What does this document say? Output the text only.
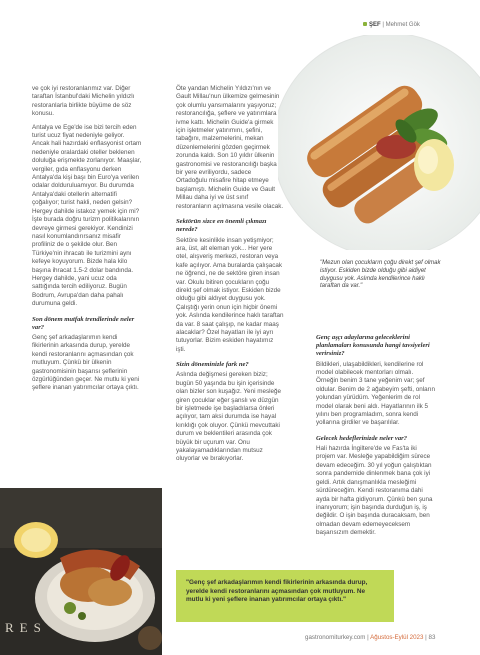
ŞEF | Mehmet Gök
RES

ve çok iyi restoranlarımız var. Diğer taraftan İstanbul'daki Michelin yıldızlı restoranlarla birlikte büyüme de söz konusu.

Antalya ve Ege'de ise bizi tercih eden turist ucuz fiyat nedeniyle geliyor. Ancak hali hazırdaki enflasyonist ortam nedeniyle oralardaki oteller beklenen doluluğa erişmekte zorlanıyor. Maaşlar, vergiler, gıda enflasyonu derken Antalya'da kişi başı bin Euro'ya verilen odalar dolduruluamıyor. Bu durumda Antalya'daki otellerin alternatifi çoğalıyor; turist hakli, neden gelsin? Hergey dahilde istakoz yemek için mi? İşte burada doğru turizm politikalarının devreye girmesi gerekiyor. Kendinizi nasıl konumlandırırsanız misafir profiliniz de o şekilde olur. Ben Türkiye'nin ihracatı ile turizmini aynı kefeye koyuyorum. Bizde hala kilo başına ihracat 1.5-2 dolar bandında. Hergey dahilde, yani ucuz oda sattığında tercih ediliyoruz. Bugün Bodrum, Avrupa'dan daha pahalı durumuna geldi.

Son dönem mutfak trendlerinde neler var?

Genç şef arkadaşlarımın kendi fikirlerinin arkasında durup, yerelde kendi restoranlarını açmasından çok mutluyum. Çünkü bir ülkenin gastronomisinin başarısı şeflerinin özgürlüğünden geçer. Ne mutlu ki yeni şeflere inanan yatırımcılar ortaya çıktı.

Öte yandan Michelin Yıldızı'nın ve Gault Millau'nun ülkemize gelmesinin çok olumlu yansımalarını yaşıyoruz; restorancılığa, şeflere ve yatırımlara ivme kattı. Michelin Guide'a girmek için işletmeler yatırımını, şefini, tabağını, malzemelerini, mekan düzenlemelerini gözden geçirmek zorunda kaldı. Son 10 yıldır ülkenin gastronomisi ve restorancılığı başka bir yere evriliyordu, sadece Ortadoğulu misafire hitap etmeye başlamıştı. Michelin Guide ve Gault Millau daha iyi ve üst sınıf restoranların açılmasına vesile olacak.

Sektörün sizce en önemli çıkmazı nerede?

Sektöre kesinlikle insan yetişmiyor; ara, üst, alt eleman yok... Her yere otel, alışveriş merkezi, restoran veya kafe açılıyor. Ama buralarda çalışacak ne öğrenci, ne de sektöre giren insan var. Okulu bitiren çocukların çoğu direkt şef olmak istiyor. Eskiden bizde olduğu gibi aldıyet duygusu yok. Çalıştığı yerin onun için hiçbir önemi yok. Aslında kendilerince haklı taraftan da var. 8 saat çalışıp, ne kadar maaş alacaklar? Özel hayatları ile iyi ayrı tutuyorlar. Bizim eskiden hayatımız işti.

Sizin döneminizle fark ne?

Aslında değişmesi gereken biziz; bugün 50 yaşında bu işin içerisinde olan bizler son kuşağız. Yeni mesleğe giren çocuklar eğer şanslı ve düzgün bir işletmede işe başladılarsa önleri açılıyor, tam aksi durumda ise hayal kırıklığı çok oluyor. Çünkü mevcuttaki durum ve beklentileri arasında çok büyük bir uçurum var. Onu yakalayamadıklarından mutsuz oluyorlar ve bırakıyorlar.

"Mezun olan çocukların çoğu direkt şef olmak istiyor. Eskiden bizde olduğu gibi aidiyet duygusu yok. Aslında kendilerince haklı taraftan da var."
Genç aşçı adaylarına geleceklerini planlamaları konusunda hangi tavsiyeleri verirsiniz?

Bildikleri, ulaşabildikleri, kendilerine rol model olabilecek mentorları olmalı. Örneğin benim 3 tane yeğenim var; şef oldular. Benim de 2 ağabeyim şefti, onların yolundan yürüdüm. Yeğenlerim de rol model olarak beni aldı. Hayatlarının ilk 5 yılını ben programladım, sonra kendi yollarına girdiler ve başarılılar.

Gelecek hedeflerinizde neler var?

Hali hazırda İngiltere'de ve Fas'ta iki projem var. Mesleğe yapabildiğim sürece devam edeceğim. 30 yıl yoğun çalıştıktan sonra pandemide dinlenmek bana çok iyi geldi. Artık danışmanlıkla mesleğimi sürdüreceğim. Kendi restoranıma dahi ayda bir hafta gidiyorum. Çünkü ben şuna inanıyorum; işin başında durduğun iş, iş değildir. O işin başında duracaksam, ben olmadan devam edemeyeceksem başarısızım demektir.

"Genç şef arkadaşlarımın kendi fikirlerinin arkasında durup, yerelde kendi restoranlarını açmasından çok mutluyum. Ne mutlu ki yeni şeflere inanan yatırımcılar ortaya çıktı."
gastronomiturkey.com | Ağustos-Eylül 2023 | 83
